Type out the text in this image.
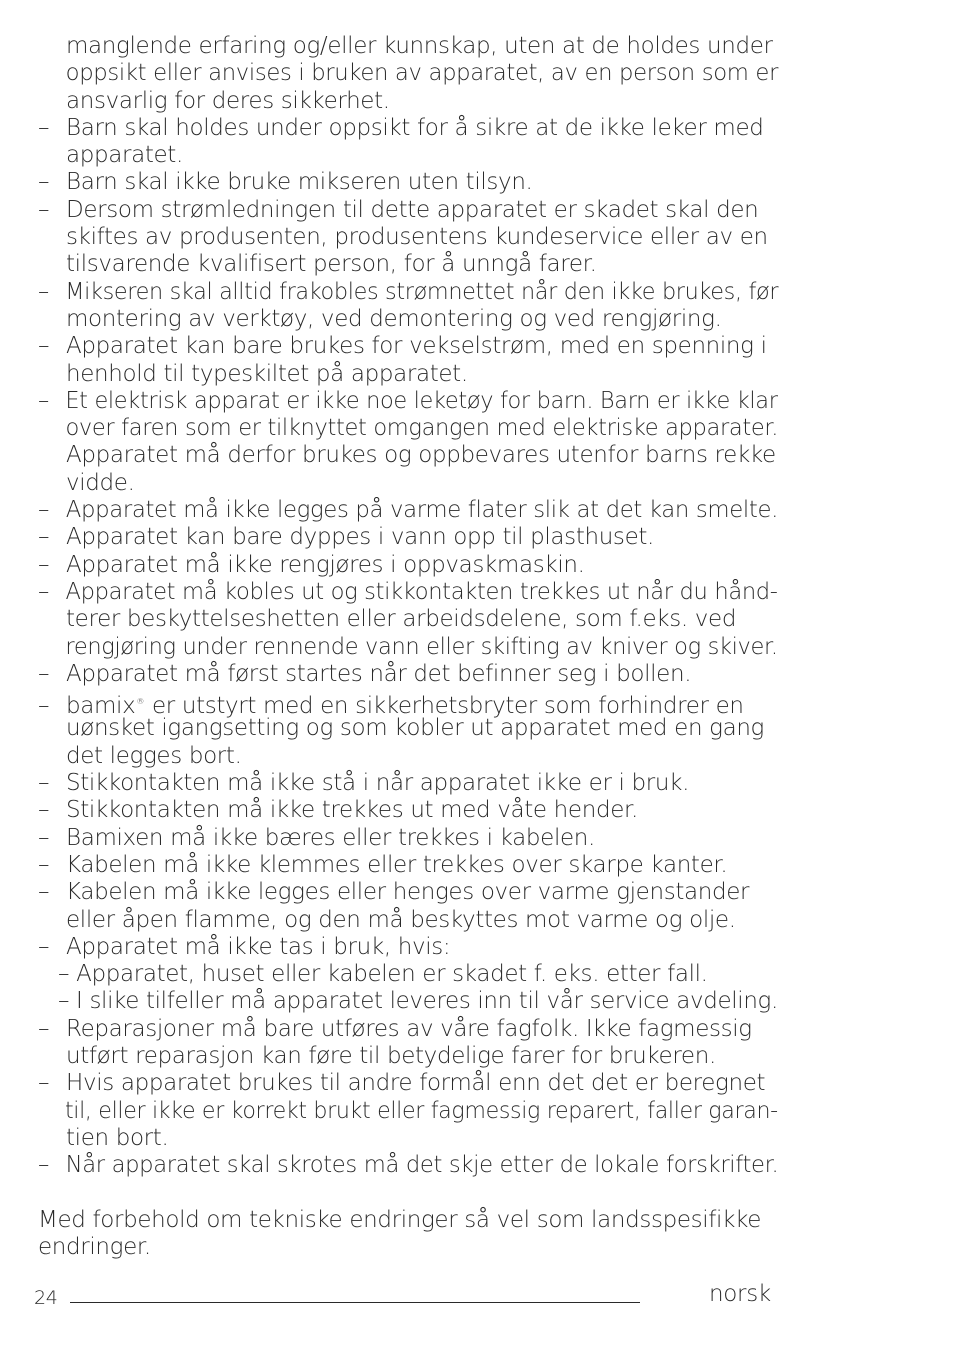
manglende erfaring og/eller kunnskap, uten at de holdes under
oppsikt eller anvises i bruken av apparatet, av en person som er
ansvarlig for deres sikkerhet.
– Barn skal holdes under oppsikt for å sikre at de ikke leker med
apparatet.
– Barn skal ikke bruke mikseren uten tilsyn.
– Dersom strømledningen til dette apparatet er skadet skal den
skiftes av produsenten, produsentens kundeservice eller av en
tilsvarende kvalifisert person, for å unngå farer.
– Mikseren skal alltid frakobles strømnettet når den ikke brukes, før
montering av verktøy, ved demontering og ved rengjøring.
– Apparatet kan bare brukes for vekselstrøm, med en spenning i
henhold til typeskiltet på apparatet.
– Et elektrisk apparat er ikke noe leketøy for barn. Barn er ikke klar
over faren som er tilknyttet omgangen med elektriske apparater.
Apparatet må derfor brukes og oppbevares utenfor barns rekke
vidde.
– Apparatet må ikke legges på varme flater slik at det kan smelte.
– Apparatet kan bare dyppes i vann opp til plasthuset.
– Apparatet må ikke rengjøres i oppvaskmaskin.
– Apparatet må kobles ut og stikkontakten trekkes ut når du hånd-
terer beskyttelseshetten eller arbeidsdelene, som f.eks. ved
rengjøring under rennende vann eller skifting av kniver og skiver.
– Apparatet må først startes når det befinner seg i bollen.
– bamix® er utstyrt med en sikkerhetsbryter som forhindrer en
uønsket igangsetting og som kobler ut apparatet med en gang
det legges bort.
– Stikkontakten må ikke stå i når apparatet ikke er i bruk.
– Stikkontakten må ikke trekkes ut med våte hender.
– Bamixen må ikke bæres eller trekkes i kabelen.
– Kabelen må ikke klemmes eller trekkes over skarpe kanter.
– Kabelen må ikke legges eller henges over varme gjenstander
eller åpen flamme, og den må beskyttes mot varme og olje.
– Apparatet må ikke tas i bruk, hvis:
– Apparatet, huset eller kabelen er skadet f. eks. etter fall.
– I slike tilfeller må apparatet leveres inn til vår service avdeling.
– Reparasjoner må bare utføres av våre fagfolk. Ikke fagmessig
utført reparasjon kan føre til betydelige farer for brukeren.
– Hvis apparatet brukes til andre formål enn det det er beregnet
til, eller ikke er korrekt brukt eller fagmessig reparert, faller garan-
tien bort.
– Når apparatet skal skrotes må det skje etter de lokale forskrifter.
Med forbehold om tekniske endringer så vel som landsspesifikke
endringer.
24	norsk
